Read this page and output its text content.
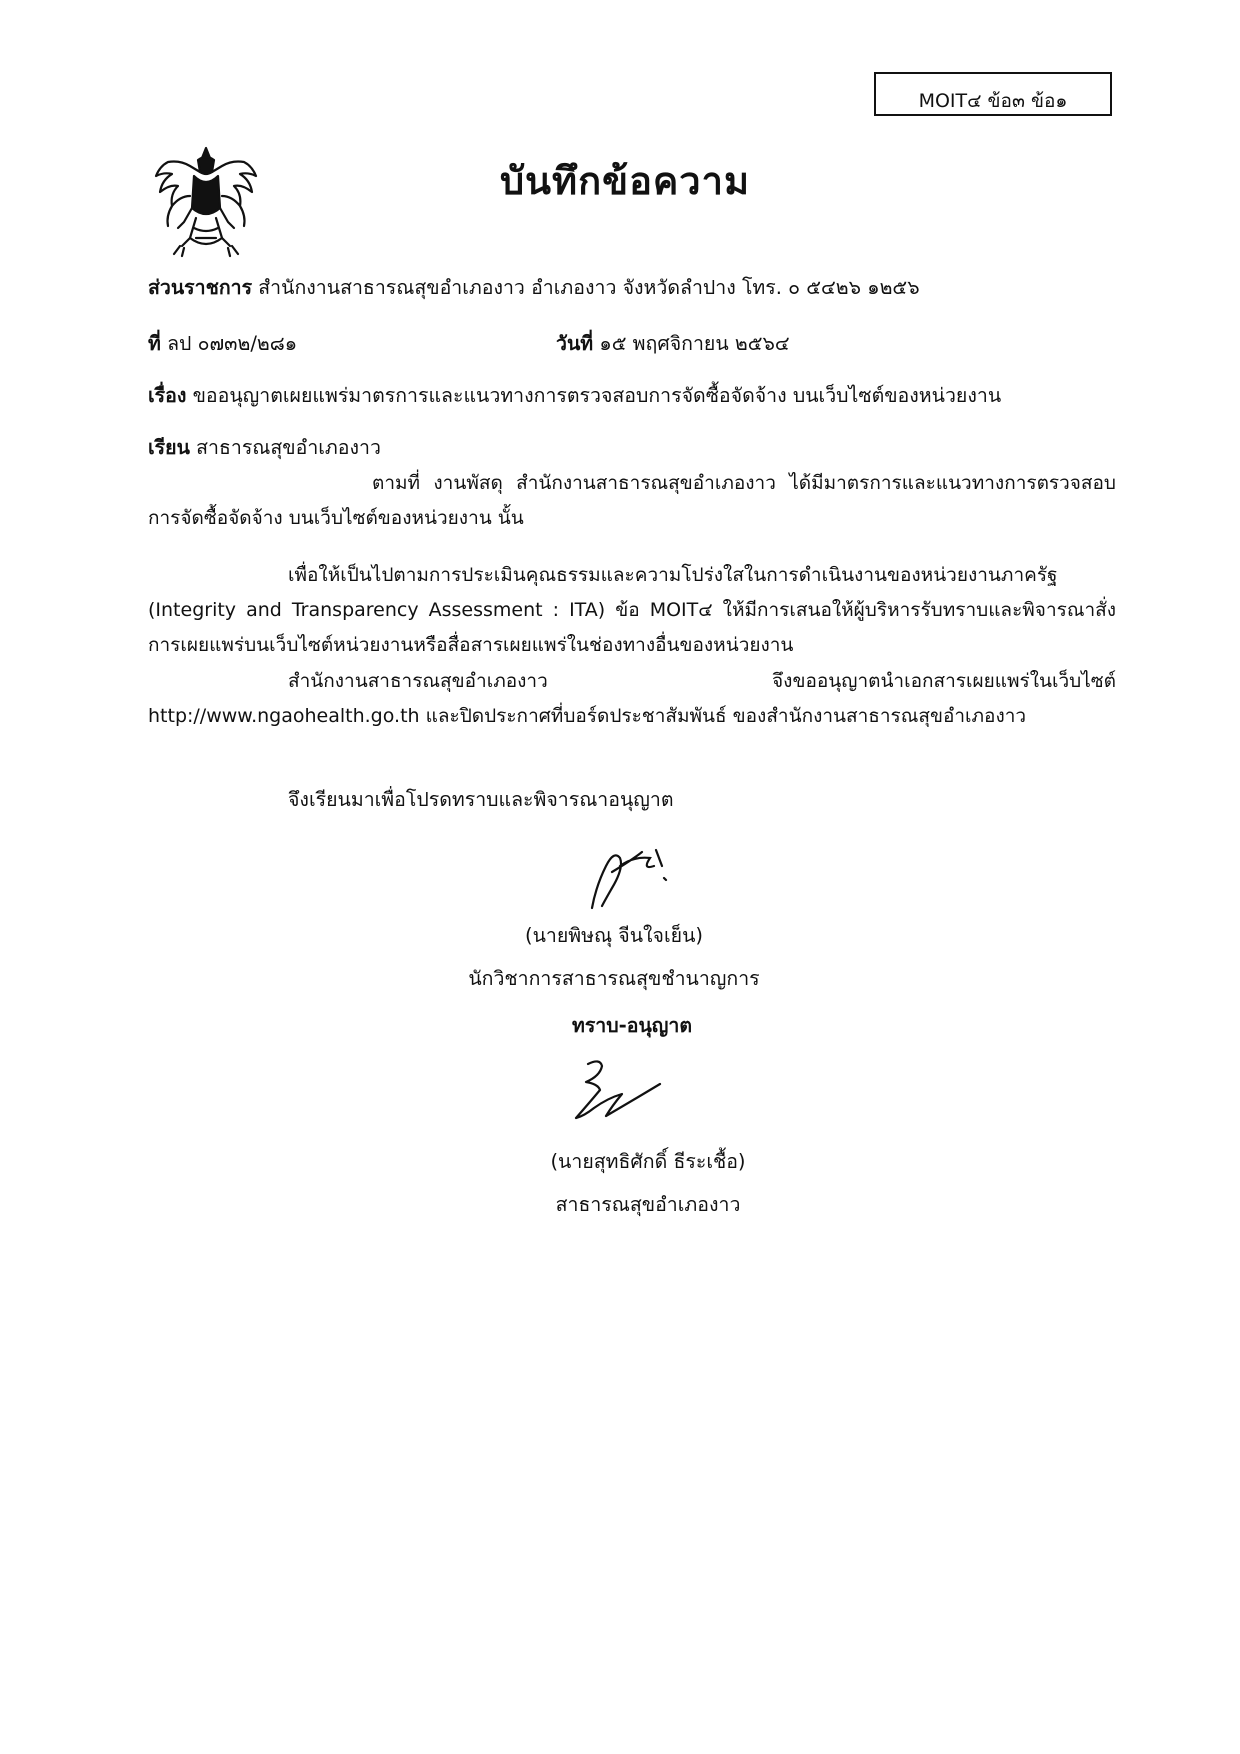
MOIT๔ ข้อ๓ ข้อ๑
บันทึกข้อความ
ส่วนราชการ สำนักงานสาธารณสุขอำเภองาว อำเภองาว จังหวัดลำปาง โทร. ๐ ๕๔๒๖ ๑๒๕๖
ที่ ลป ๐๗๓๒/๒๘๑	วันที่ ๑๕ พฤศจิกายน ๒๕๖๔
เรื่อง ขออนุญาตเผยแพร่มาตรการและแนวทางการตรวจสอบการจัดซื้อจัดจ้าง บนเว็บไซต์ของหน่วยงาน
เรียน สาธารณสุขอำเภองาว
ตามที่ งานพัสดุ สำนักงานสาธารณสุขอำเภองาว ได้มีมาตรการและแนวทางการตรวจสอบการจัดซื้อจัดจ้าง บนเว็บไซต์ของหน่วยงาน นั้น
เพื่อให้เป็นไปตามการประเมินคุณธรรมและความโปร่งใสในการดำเนินงานของหน่วยงานภาครัฐ (Integrity and Transparency Assessment : ITA) ข้อ MOIT๔ ให้มีการเสนอให้ผู้บริหารรับทราบและพิจารณาสั่งการเผยแพร่บนเว็บไซต์หน่วยงานหรือสื่อสารเผยแพร่ในช่องทางอื่นของหน่วยงาน
สำนักงานสาธารณสุขอำเภองาว จึงขออนุญาตนำเอกสารเผยแพร่ในเว็บไซต์ http://www.ngaohealth.go.th และปิดประกาศที่บอร์ดประชาสัมพันธ์ ของสำนักงานสาธารณสุขอำเภองาว
จึงเรียนมาเพื่อโปรดทราบและพิจารณาอนุญาต
(นายพิษณุ จีนใจเย็น)
นักวิชาการสาธารณสุขชำนาญการ
ทราบ-อนุญาต
(นายสุทธิศักดิ์ ธีระเชื้อ)
สาธารณสุขอำเภองาว
